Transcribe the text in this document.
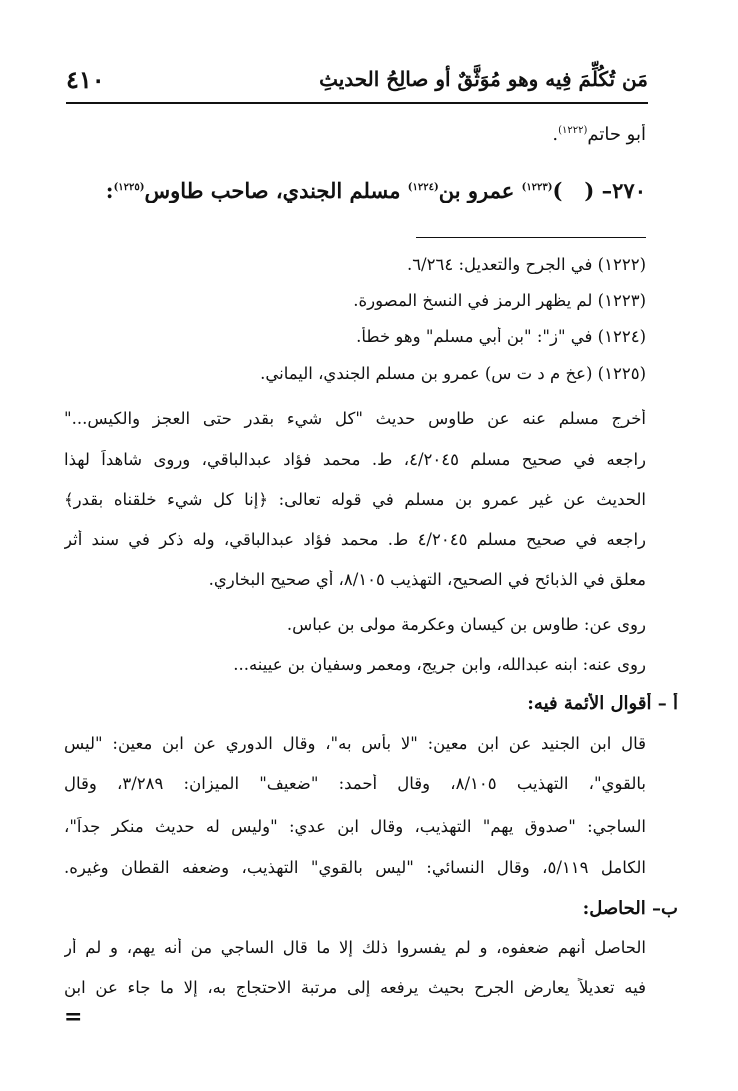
مَن تُكُلِّمَ فِيه وهو مُوَثَّقٌ أو صالِحُ الحديثِ
٤١٠
أبو حاتم$^{(١٢٢٢)}$.
٢٧٠– (   )$^{(١٢٢٣)}$ عمرو بن$^{(١٢٢٤)}$ مسلم الجندي، صاحب طاوس$^{(١٢٢٥)}$:
(١٢٢٢) في الجرح والتعديل: ٦/٢٦٤.
(١٢٢٣) لم يظهر الرمز في النسخ المصورة.
(١٢٢٤) في "ز": "بن أبي مسلم" وهو خطأ.
(١٢٢٥) (عخ م د ت س) عمرو بن مسلم الجندي، اليماني.
أخرج مسلم عنه عن طاوس حديث "كل شيء بقدر حتى العجز والكيس..."
راجعه في صحيح مسلم ٤/٢٠٤٥، ط. محمد فؤاد عبدالباقي، وروى شاهداً لهذا
الحديث عن غير عمرو بن مسلم في قوله تعالى: ﴿إنا كل شيء خلقناه بقدر﴾
راجعه في صحيح مسلم ٤/٢٠٤٥ ط. محمد فؤاد عبدالباقي، وله ذكر في سند أثر
معلق في الذبائح في الصحيح، التهذيب ٨/١٠٥، أي صحيح البخاري.
روى عن: طاوس بن كيسان وعكرمة مولى بن عباس.
روى عنه: ابنه عبدالله، وابن جريج، ومعمر وسفيان بن عيينه...
أ – أقوال الأئمة فيه:
قال ابن الجنيد عن ابن معين: "لا بأس به"، وقال الدوري عن ابن معين: "ليس
بالقوي"، التهذيب ٨/١٠٥، وقال أحمد: "ضعيف" الميزان: ٣/٢٨٩، وقال
الساجي: "صدوق يهم" التهذيب، وقال ابن عدي: "وليس له حديث منكر جداً"،
الكامل ٥/١١٩، وقال النسائي: "ليس بالقوي" التهذيب، وضعفه القطان وغيره.
ب– الحاصل:
الحاصل أنهم ضعفوه، و لم يفسروا ذلك إلا ما قال الساجي من أنه يهم، و لم أر
فيه تعديلاً يعارض الجرح بحيث يرفعه إلى مرتبة الاحتجاج به، إلا ما جاء عن ابن
=
